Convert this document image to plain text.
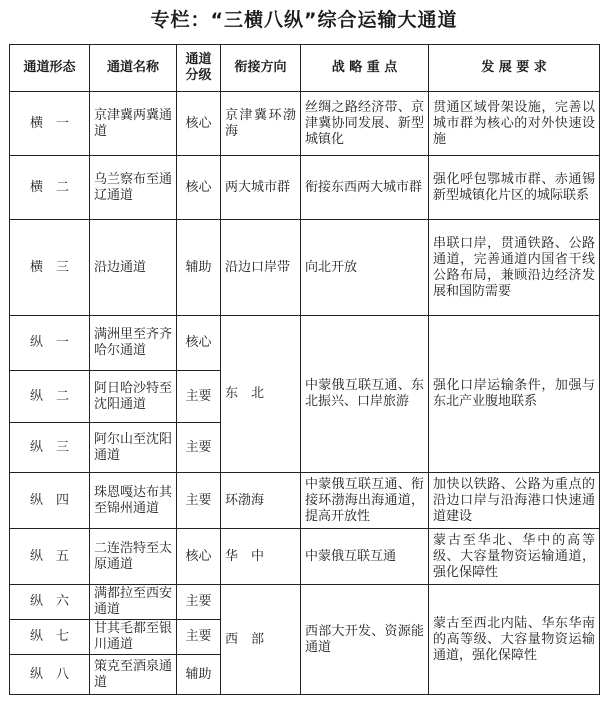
专栏：“三横八纵”综合运输大通道
通道形态	通道名称	通道分级	衔接方向	战 略 重 点	发 展 要 求
横　一	京津冀两冀通道	核心	京津冀环渤海	丝绸之路经济带、京津冀协同发展、新型城镇化	贯通区域骨架设施，完善以城市群为核心的对外快速设施
横　二	乌兰察布至通辽通道	核心	两大城市群	衔接东西两大城市群	强化呼包鄂城市群、赤通锡新型城镇化片区的城际联系
横　三	沿边通道	辅助	沿边口岸带	向北开放	串联口岸，贯通铁路、公路通道，完善通道内国省干线公路布局，兼顾沿边经济发展和国防需要
纵　一	满洲里至齐齐哈尔通道	核心	东　北	中蒙俄互联互通、东北振兴、口岸旅游	强化口岸运输条件，加强与东北产业腹地联系
纵　二	阿日哈沙特至沈阳通道	主要			
纵　三	阿尔山至沈阳通道	主要			
纵　四	珠恩嘎达布其至锦州通道	主要	环渤海	中蒙俄互联互通、衔接环渤海出海通道，提高开放性	加快以铁路、公路为重点的沿边口岸与沿海港口快速通道建设
纵　五	二连浩特至太原通道	核心	华　中	中蒙俄互联互通	蒙古至华北、华中的高等级、大容量物资运输通道，强化保障性
纵　六	满都拉至西安通道	主要	西　部	西部大开发、资源能通道	蒙古至西北内陆、华东华南的高等级、大容量物资运输通道，强化保障性
纵　七	甘其毛都至银川通道	主要			
纵　八	策克至酒泉通道	辅助			
